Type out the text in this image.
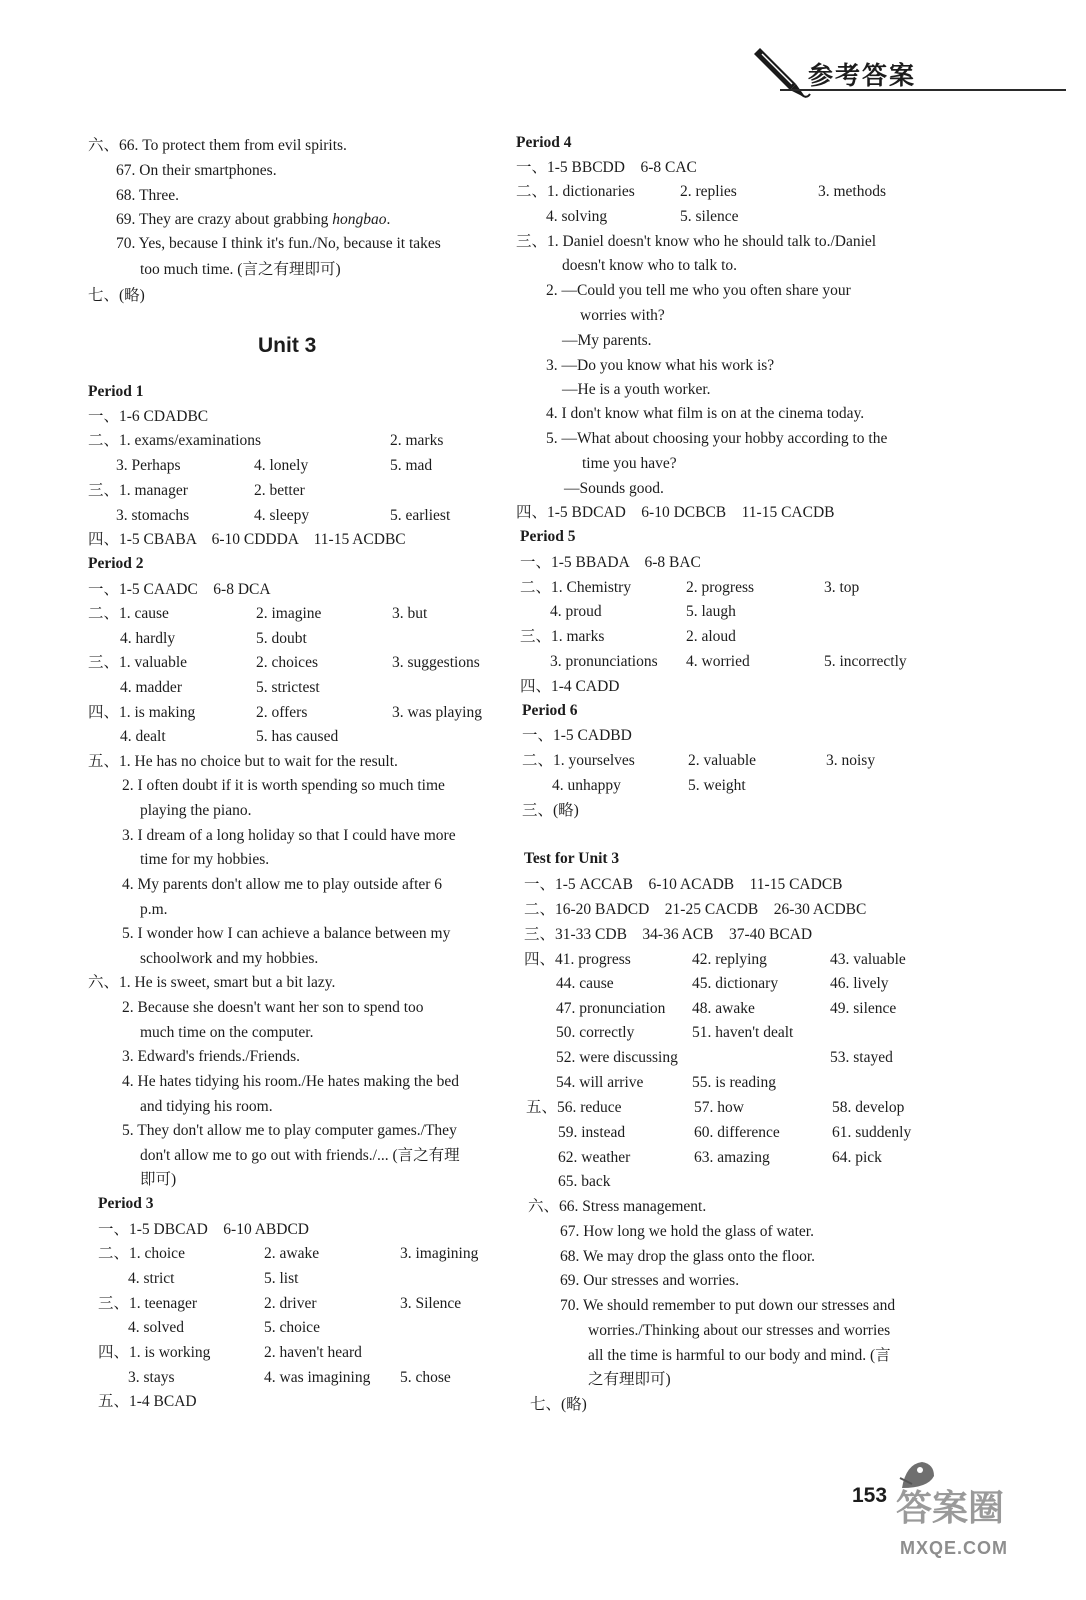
参考答案
六、66. To protect them from evil spirits.
67. On their smartphones.
68. Three.
69. They are crazy about grabbing hongbao.
70. Yes, because I think it's fun./No, because it takes
too much time. (言之有理即可)
七、(略)
Unit 3
Period 1
一、1-6 CDADBC
二、1. exams/examinations	2. marks
3. Perhaps	4. lonely	5. mad
三、1. manager	2. better
3. stomachs	4. sleepy	5. earliest
四、1-5 CBABA    6-10 CDDDA    11-15 ACDBC
Period 2
一、1-5 CAADC    6-8 DCA
二、1. cause	2. imagine	3. but
4. hardly	5. doubt
三、1. valuable	2. choices	3. suggestions
4. madder	5. strictest
四、1. is making	2. offers	3. was playing
4. dealt	5. has caused
五、1. He has no choice but to wait for the result.
2. I often doubt if it is worth spending so much time
playing the piano.
3. I dream of a long holiday so that I could have more
time for my hobbies.
4. My parents don't allow me to play outside after 6
p.m.
5. I wonder how I can achieve a balance between my
schoolwork and my hobbies.
六、1. He is sweet, smart but a bit lazy.
2. Because she doesn't want her son to spend too
much time on the computer.
3. Edward's friends./Friends.
4. He hates tidying his room./He hates making the bed
and tidying his room.
5. They don't allow me to play computer games./They
don't allow me to go out with friends./... (言之有理
即可)
Period 3
一、1-5 DBCAD    6-10 ABDCD
二、1. choice	2. awake	3. imagining
4. strict	5. list
三、1. teenager	2. driver	3. Silence
4. solved	5. choice
四、1. is working	2. haven't heard
3. stays	4. was imagining 5. chose
五、1-4 BCAD
Period 4
一、1-5 BBCDD    6-8 CAC
二、1. dictionaries	2. replies	3. methods
4. solving	5. silence
三、1. Daniel doesn't know who he should talk to./Daniel
doesn't know who to talk to.
2. —Could you tell me who you often share your
worries with?
—My parents.
3. —Do you know what his work is?
—He is a youth worker.
4. I don't know what film is on at the cinema today.
5. —What about choosing your hobby according to the
time you have?
—Sounds good.
四、1-5 BDCAD    6-10 DCBCB    11-15 CACDB
Period 5
一、1-5 BBADA    6-8 BAC
二、1. Chemistry	2. progress	3. top
4. proud	5. laugh
三、1. marks	2. aloud
3. pronunciations 4. worried	5. incorrectly
四、1-4 CADD
Period 6
一、1-5 CADBD
二、1. yourselves	2. valuable	3. noisy
4. unhappy	5. weight
三、(略)
Test for Unit 3
一、1-5 ACCAB    6-10 ACADB    11-15 CADCB
二、16-20 BADCD    21-25 CACDB    26-30 ACDBC
三、31-33 CDB    34-36 ACB    37-40 BCAD
四、41. progress	42. replying	43. valuable
44. cause	45. dictionary	46. lively
47. pronunciation 48. awake	49. silence
50. correctly	51. haven't dealt
52. were discussing	53. stayed
54. will arrive	55. is reading
五、56. reduce	57. how	58. develop
59. instead	60. difference	61. suddenly
62. weather	63. amazing	64. pick
65. back
六、66. Stress management.
67. How long we hold the glass of water.
68. We may drop the glass onto the floor.
69. Our stresses and worries.
70. We should remember to put down our stresses and
worries./Thinking about our stresses and worries
all the time is harmful to our body and mind. (言
之有理即可)
七、(略)
153 答案圈
MXQE.COM
